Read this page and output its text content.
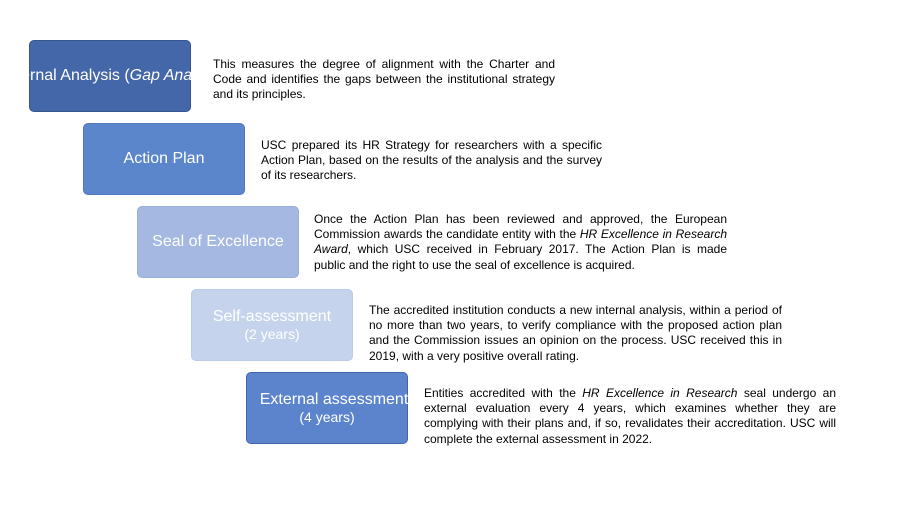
Internal Analysis (Gap Analysis)

This measures the degree of alignment with the Charter and Code and identifies the gaps between the institutional strategy and its principles.

Action Plan

USC prepared its HR Strategy for researchers with a specific Action Plan, based on the results of the analysis and the survey of its researchers.

Seal of Excellence

Once the Action Plan has been reviewed and approved, the European Commission awards the candidate entity with the HR Excellence in Research Award, which USC received in February 2017. The Action Plan is made public and the right to use the seal of excellence is acquired.

Self-assessment
(2 years)

The accredited institution conducts a new internal analysis, within a period of no more than two years, to verify compliance with the proposed action plan and the Commission issues an opinion on the process. USC received this in 2019, with a very positive overall rating.

External assessment
(4 years)

Entities accredited with the HR Excellence in Research seal undergo an external evaluation every 4 years, which examines whether they are complying with their plans and, if so, revalidates their accreditation. USC will complete the external assessment in 2022.
